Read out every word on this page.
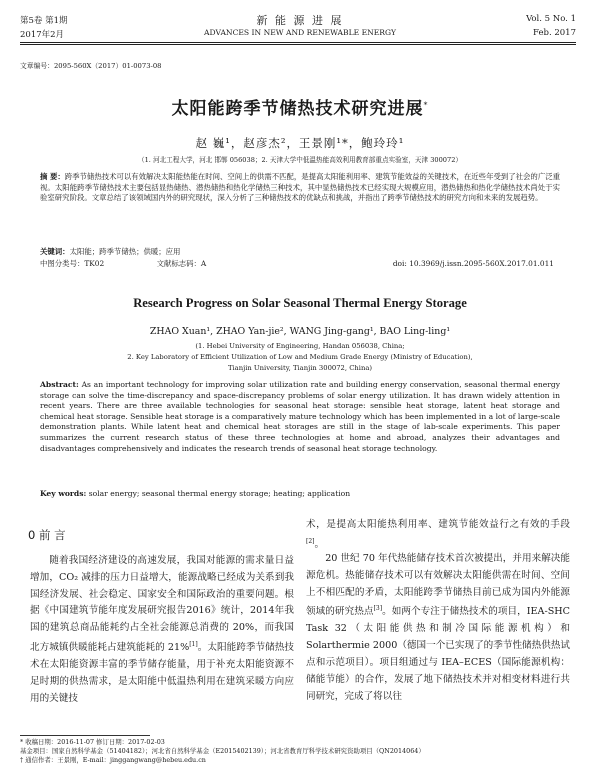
第5卷 第1期
2017年2月
新 能 源 进 展
ADVANCES IN NEW AND RENEWABLE ENERGY
Vol. 5 No. 1
Feb. 2017
文章编号：2095-560X（2017）01-0073-08
太阳能跨季节储热技术研究进展*
赵 巍¹，赵彦杰²，王景刚¹*，鲍玲玲¹
（1. 河北工程大学，河北 邯郸 056038；2. 天津大学中低温热能高效利用教育部重点实验室，天津 300072）
摘 要：跨季节储热技术可以有效解决太阳能热能在时间、空间上的供需不匹配，是提高太阳能利用率、建筑节能效益的关键技术，在近些年受到了社会的广泛重视。太阳能跨季节储热技术主要包括显热储热、潜热储热和热化学储热三种技术，其中显热储热技术已经实现大规模应用，潜热储热和热化学储热技术尚处于实验室研究阶段。文章总结了该领域国内外的研究现状，深入分析了三种储热技术的优缺点和挑战，并指出了跨季节储热技术的研究方向和未来的发展趋势。
关键词：太阳能；跨季节储热；供暖；应用
中图分类号：TK02	文献标志码：A	doi: 10.3969/j.issn.2095-560X.2017.01.011
Research Progress on Solar Seasonal Thermal Energy Storage
ZHAO Xuan¹, ZHAO Yan-jie², WANG Jing-gang¹, BAO Ling-ling¹
(1. Hebei University of Engineering, Handan 056038, China;
2. Key Laboratory of Efficient Utilization of Low and Medium Grade Energy (Ministry of Education),
Tianjin University, Tianjin 300072, China)
Abstract: As an important technology for improving solar utilization rate and building energy conservation, seasonal thermal energy storage can solve the time-discrepancy and space-discrepancy problems of solar energy utilization. It has drawn widely attention in recent years. There are three available technologies for seasonal heat storage: sensible heat storage, latent heat storage and chemical heat storage. Sensible heat storage is a comparatively mature technology which has been implemented in a lot of large-scale demonstration plants. While latent heat and chemical heat storages are still in the stage of lab-scale experiments. This paper summarizes the current research status of these three technologies at home and abroad, analyzes their advantages and disadvantages comprehensively and indicates the research trends of seasonal heat storage technology.
Key words: solar energy; seasonal thermal energy storage; heating; application
0 前 言
随着我国经济建设的高速发展，我国对能源的需求量日益增加，CO₂ 减排的压力日益增大，能源战略已经成为关系到我国经济发展、社会稳定、国家安全和国际政治的重要问题。根据《中国建筑节能年度发展研究报告2016》统计，2014年我国的建筑总商品能耗约占全社会能源总消费的 20%，而我国北方城镇供暖能耗占建筑能耗的 21%[1]。太阳能跨季节储热技术在太阳能资源丰富的季节储存能量，用于补充太阳能资源不足时期的供热需求，是太阳能中低温热利用在建筑采暖方向应用的关键技
术，是提高太阳能热利用率、建筑节能效益行之有效的手段[2]。
20 世纪 70 年代热能储存技术首次被提出，并用来解决能源危机。热能储存技术可以有效解决太阳能供需在时间、空间上不相匹配的矛盾，太阳能跨季节储热目前已成为国内外能源领域的研究热点[3]。如两个专注于储热技术的项目，IEA-SHC Task 32（太阳能供热和制冷国际能源机构）和 Solarthermie 2000（德国一个已实现了的季节性储热供热试点和示范项目）。项目组通过与 IEA–ECES（国际能源机构：储能节能）的合作，发展了地下储热技术并对相变材料进行共同研究，完成了将以往
* 收稿日期：2016-11-07 修订日期：2017-02-03
基金项目：国家自然科学基金（51404182）；河北省自然科学基金（E2015402139）；河北省教育厅科学技术研究资助项目（QN2014064）
† 通信作者：王景刚，E-mail：jinggangwang@hebeu.edu.cn
